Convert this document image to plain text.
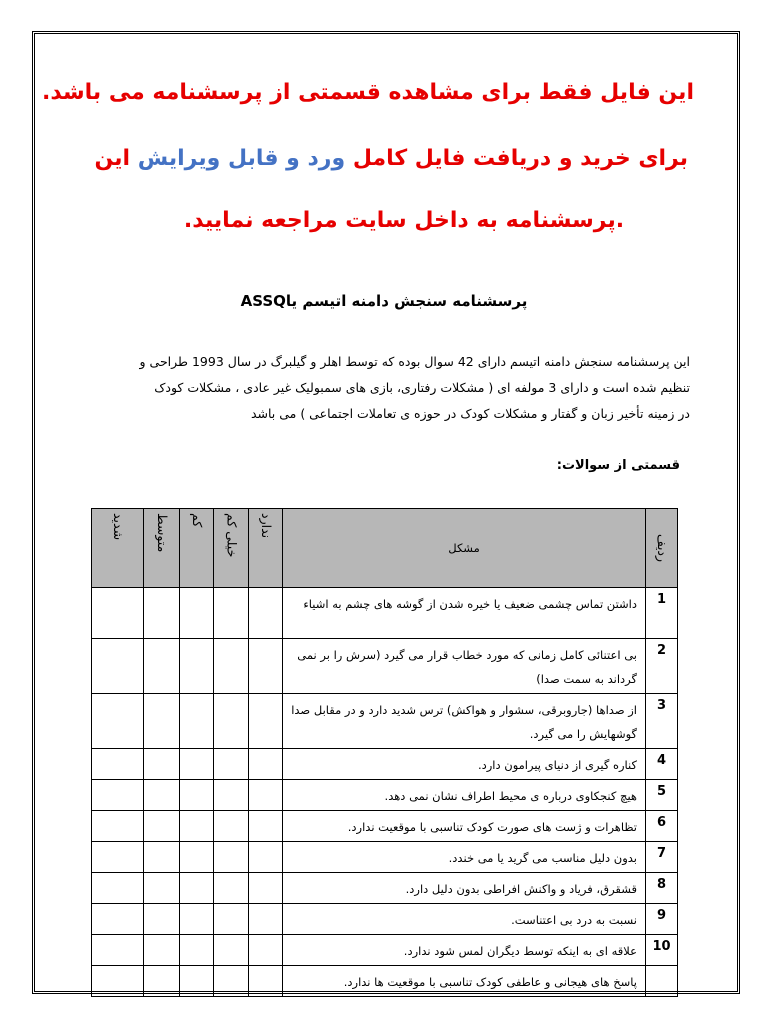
این فایل فقط برای مشاهده قسمتی از پرسشنامه می باشد.
برای خرید و دریافت فایل کامل ورد و قابل ویرایش این
.پرسشنامه به داخل سایت مراجعه نمایید.
پرسشنامه سنجش دامنه اتیسم یاASSQ
این پرسشنامه سنجش دامنه اتیسم دارای 42 سوال بوده که توسط اهلر و گیلبرگ در سال 1993 طراحی و
تنظیم شده است و دارای 3 مولفه ای ( مشکلات رفتاری، بازی های سمبولیک غیر عادی ، مشکلات کودک
در زمینه تأخیر زبان و گفتار و مشکلات کودک در حوزه ی تعاملات اجتماعی ) می باشد
قسمتی از سوالات:
ردیف	مشکل	ندارد	خیلی کم	کم	متوسط	شدید
1	داشتن تماس چشمی ضعیف یا خیره شدن از گوشه های چشم به اشیاء					
2	بی اعتنائی کامل زمانی که مورد خطاب قرار می گیرد (سرش را بر نمی گرداند به سمت صدا)					
3	از صداها (جاروبرقی، سشوار و هواکش) ترس شدید دارد و در مقابل صدا گوشهایش را می گیرد.					
4	کناره گیری از دنیای پیرامون دارد.					
5	هیچ کنجکاوی درباره ی محیط اطراف نشان نمی دهد.					
6	تظاهرات و ژست های صورت کودک تناسبی با موقعیت ندارد.					
7	بدون دلیل مناسب می گرید یا می خندد.					
8	قشقرق، فریاد و واکنش افراطی بدون دلیل دارد.					
9	نسبت به درد بی اعتناست.					
10	علاقه ای به اینکه توسط دیگران لمس شود ندارد.					
	پاسخ های هیجانی و عاطفی کودک تناسبی با موقعیت ها ندارد.					
